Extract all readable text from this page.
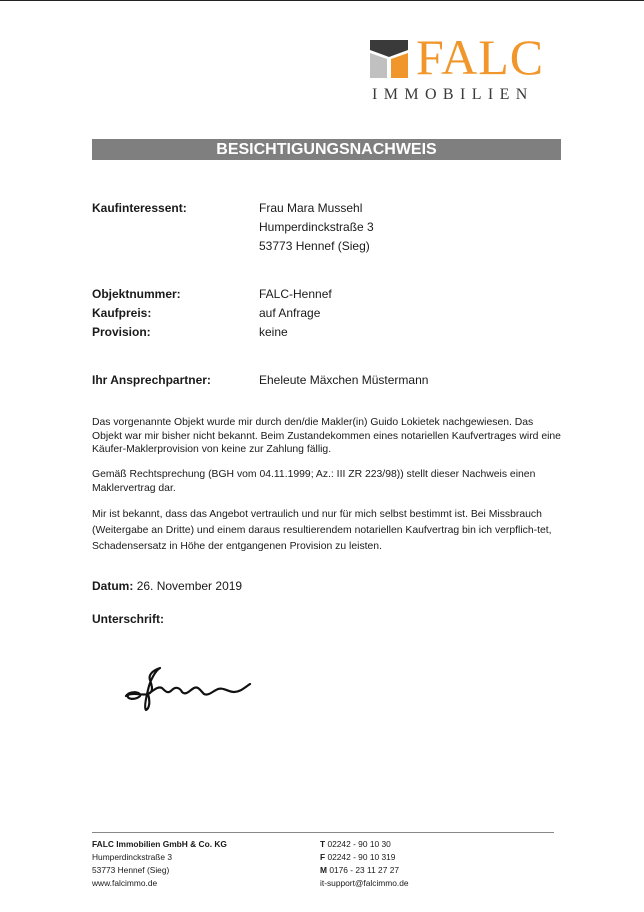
FALC
IMMOBILIEN
BESICHTIGUNGSNACHWEIS
Kaufinteressent:	Frau Mara Mussehl
Humperdinckstraße 3
53773 Hennef (Sieg)
Objektnummer:	FALC-Hennef
Kaufpreis:	auf Anfrage
Provision:	keine
Ihr Ansprechpartner:	Eheleute Mäxchen Müstermann
Das vorgenannte Objekt wurde mir durch den/die Makler(in) Guido Lokietek nachgewiesen. Das Objekt war mir bisher nicht bekannt. Beim Zustandekommen eines notariellen Kaufvertrages wird eine Käufer-Maklerprovision von keine zur Zahlung fällig.
Gemäß Rechtsprechung (BGH vom 04.11.1999; Az.: III ZR 223/98)) stellt dieser Nachweis einen Maklervertrag dar.
Mir ist bekannt, dass das Angebot vertraulich und nur für mich selbst bestimmt ist. Bei Missbrauch (Weitergabe an Dritte) und einem daraus resultierendem notariellen Kaufvertrag bin ich verpflich-tet, Schadensersatz in Höhe der entgangenen Provision zu leisten.
Datum: 26. November 2019
Unterschrift:
FALC Immobilien GmbH & Co. KG
Humperdinckstraße 3
53773 Hennef (Sieg)
www.falcimmo.de
T 02242 - 90 10 30
F 02242 - 90 10 319
M 0176 - 23 11 27 27
it-support@falcimmo.de
